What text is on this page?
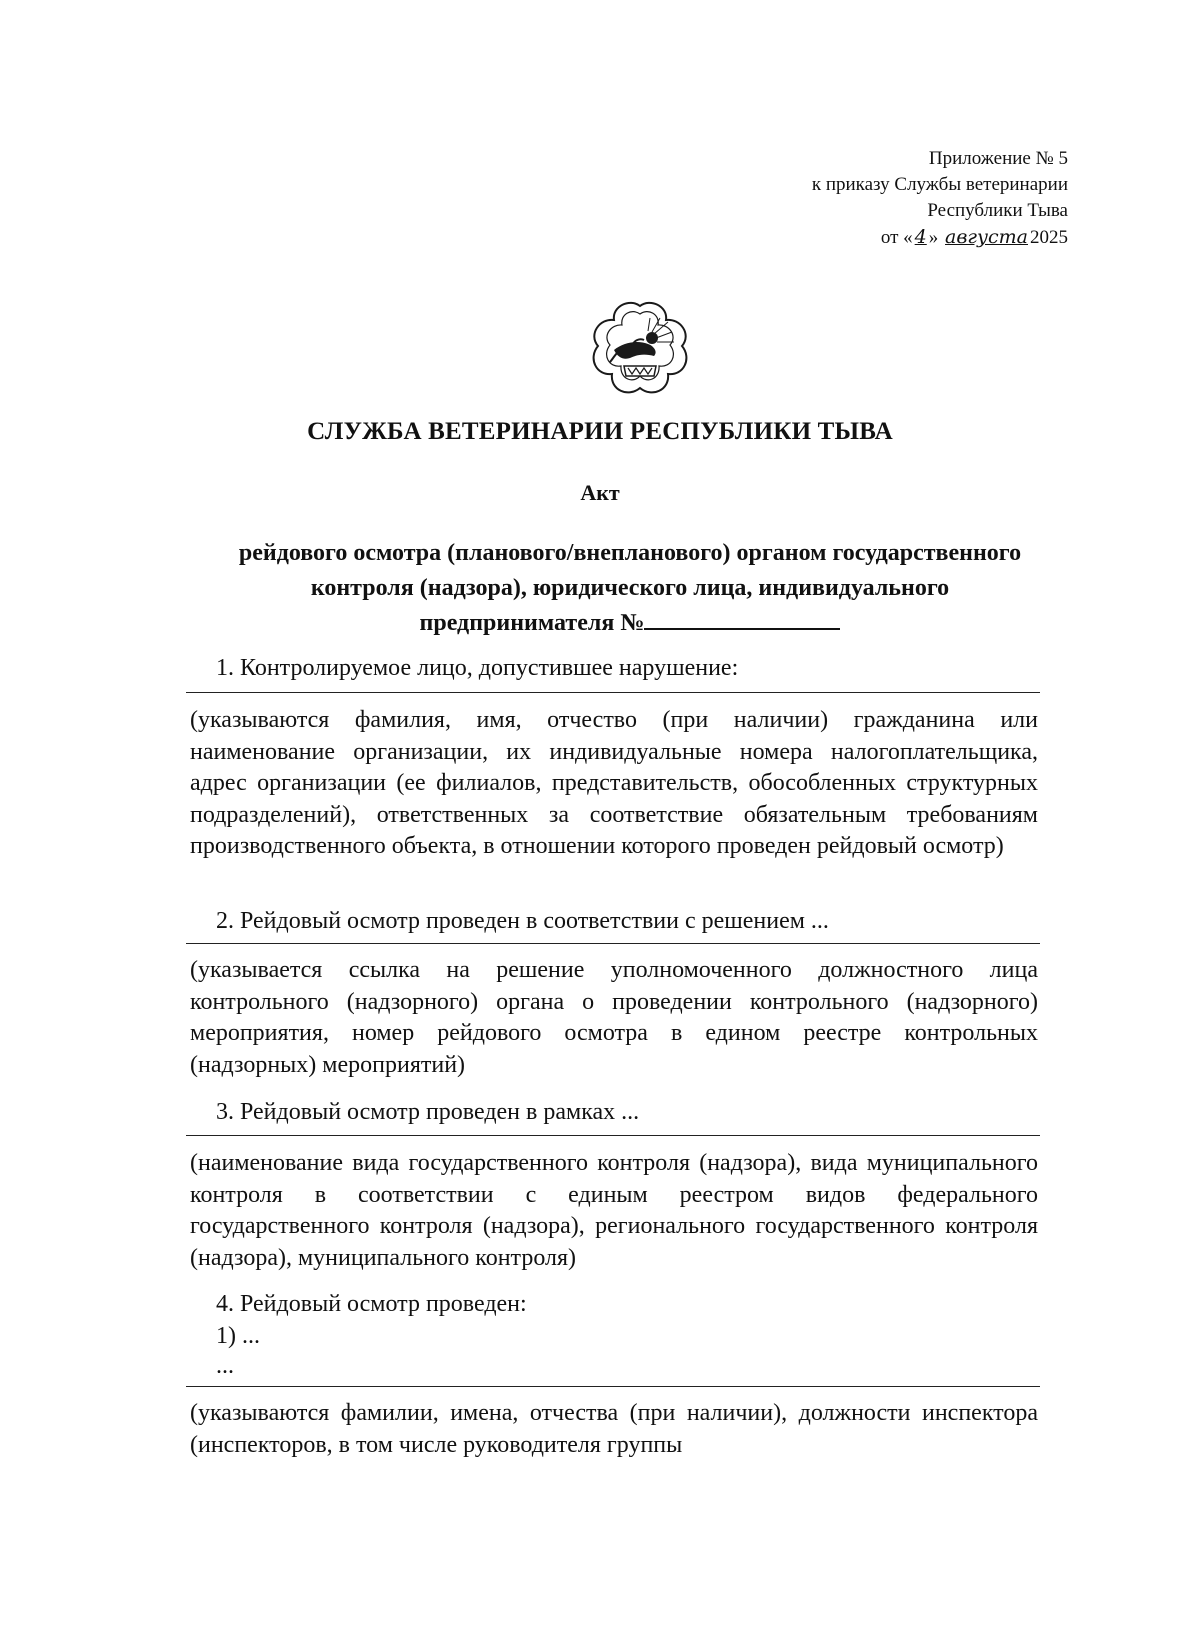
Приложение № 5
к приказу Службы ветеринарии
Республики Тыва
от « 4 » августа 2025
СЛУЖБА ВЕТЕРИНАРИИ РЕСПУБЛИКИ ТЫВА
Акт
рейдового осмотра (планового/внепланового) органом государственного
контроля (надзора), юридического лица, индивидуального
предпринимателя №
1. Контролируемое лицо, допустившее нарушение:
(указываются фамилия, имя, отчество (при наличии) гражданина или наименование организации, их индивидуальные номера налогоплательщика, адрес организации (ее филиалов, представительств, обособленных структурных подразделений), ответственных за соответствие обязательным требованиям производственного объекта, в отношении которого проведен рейдовый осмотр)
2. Рейдовый осмотр проведен в соответствии с решением ...
(указывается ссылка на решение уполномоченного должностного лица контрольного (надзорного) органа о проведении контрольного (надзорного) мероприятия, номер рейдового осмотра в едином реестре контрольных (надзорных) мероприятий)
3. Рейдовый осмотр проведен в рамках ...
(наименование вида государственного контроля (надзора), вида муниципального контроля в соответствии с единым реестром видов федерального государственного контроля (надзора), регионального государственного контроля (надзора), муниципального контроля)
4. Рейдовый осмотр проведен:
1) ...
...
(указываются фамилии, имена, отчества (при наличии), должности инспектора (инспекторов, в том числе руководителя группы
